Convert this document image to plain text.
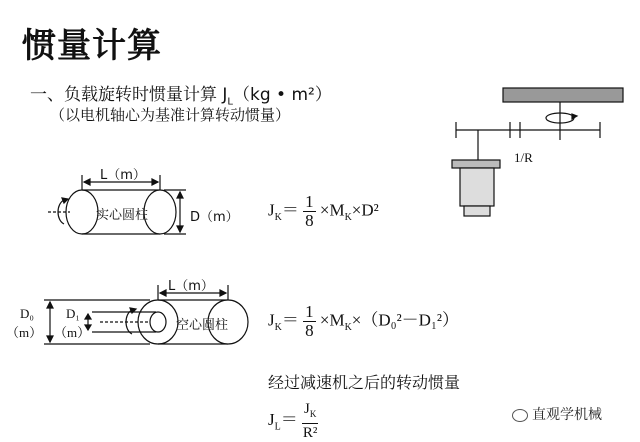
惯量计算
一、负载旋转时惯量计算 $J_L(kg$ • m²）
（以电机轴心为基准计算转动惯量）
L（m）
实心圆柱	D（m）
L（m）
空心圆柱
D₀
（m）
D₁
（m）
1/R
$J_K= \frac{1}{8} \times M_K\times D^2$
$J_K= \frac{1}{8} \times M_K\times(D_0^2-D_1^2)$
经过减速机之后的转动惯量
$J_L= \frac{J_K}{\text{R²}}$	直观学机械
